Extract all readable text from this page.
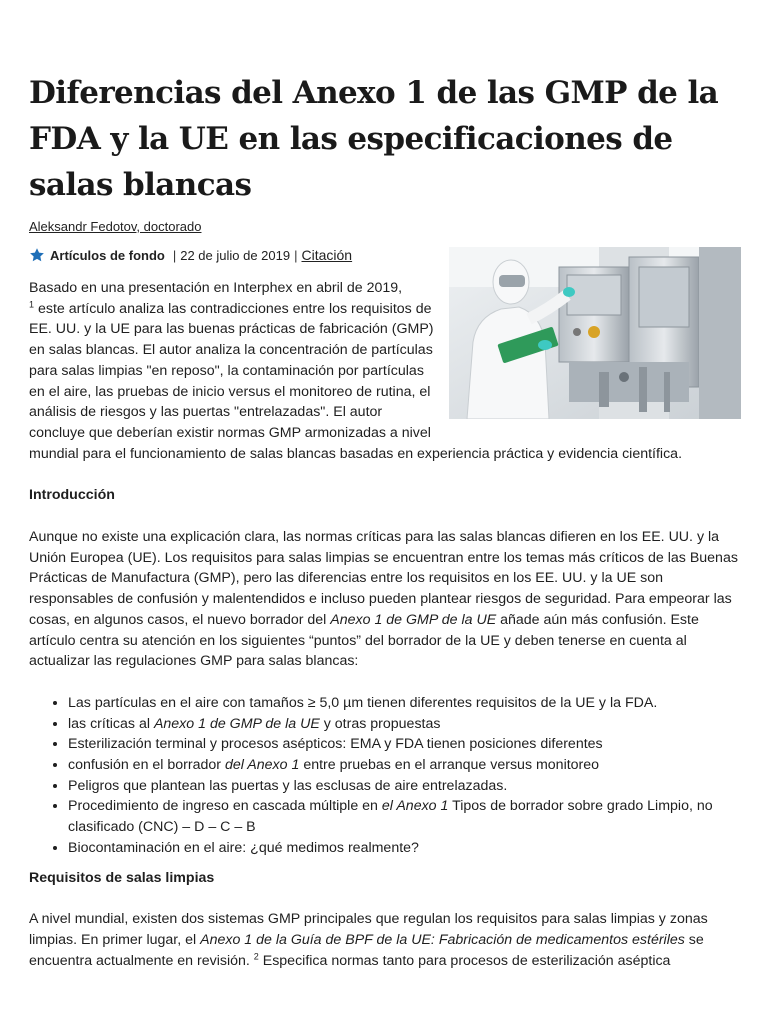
Diferencias del Anexo 1 de las GMP de la FDA y la UE en las especificaciones de salas blancas
Aleksandr Fedotov, doctorado
Artículos de fondo | 22 de julio de 2019 | Citación

Basado en una presentación en Interphex en abril de 2019,
$^1$ este artículo analiza las contradicciones entre los requisitos de EE. UU. y la UE para las buenas prácticas de fabricación (GMP) en salas blancas. El autor analiza la concentración de partículas para salas limpias "en reposo", la contaminación por partículas en el aire, las pruebas de inicio versus el monitoreo de rutina, el análisis de riesgos y las puertas "entrelazadas". El autor concluye que deberían existir normas GMP armonizadas a nivel mundial para el funcionamiento de salas blancas basadas en experiencia práctica y evidencia científica.

Introducción

Aunque no existe una explicación clara, las normas críticas para las salas blancas difieren en los EE. UU. y la Unión Europea (UE). Los requisitos para salas limpias se encuentran entre los temas más críticos de las Buenas Prácticas de Manufactura (GMP), pero las diferencias entre los requisitos en los EE. UU. y la UE son responsables de confusión y malentendidos e incluso pueden plantear riesgos de seguridad. Para empeorar las cosas, en algunos casos, el nuevo borrador del Anexo 1 de GMP de la UE añade aún más confusión. Este artículo centra su atención en los siguientes “puntos” del borrador de la UE y deben tenerse en cuenta al actualizar las regulaciones GMP para salas blancas:

• Las partículas en el aire con tamaños ≥ 5,0 µm tienen diferentes requisitos de la UE y la FDA.
• las críticas al Anexo 1 de GMP de la UE y otras propuestas
• Esterilización terminal y procesos asépticos: EMA y FDA tienen posiciones diferentes
• confusión en el borrador del Anexo 1 entre pruebas en el arranque versus monitoreo
• Peligros que plantean las puertas y las esclusas de aire entrelazadas.
• Procedimiento de ingreso en cascada múltiple en el Anexo 1 Tipos de borrador sobre grado Limpio, no clasificado (CNC) – D – C – B
• Biocontaminación en el aire: ¿qué medimos realmente?

Requisitos de salas limpias

A nivel mundial, existen dos sistemas GMP principales que regulan los requisitos para salas limpias y zonas limpias. En primer lugar, el Anexo 1 de la Guía de BPF de la UE: Fabricación de medicamentos estériles se encuentra actualmente en revisión. $^2$ Especifica normas tanto para procesos de esterilización aséptica
